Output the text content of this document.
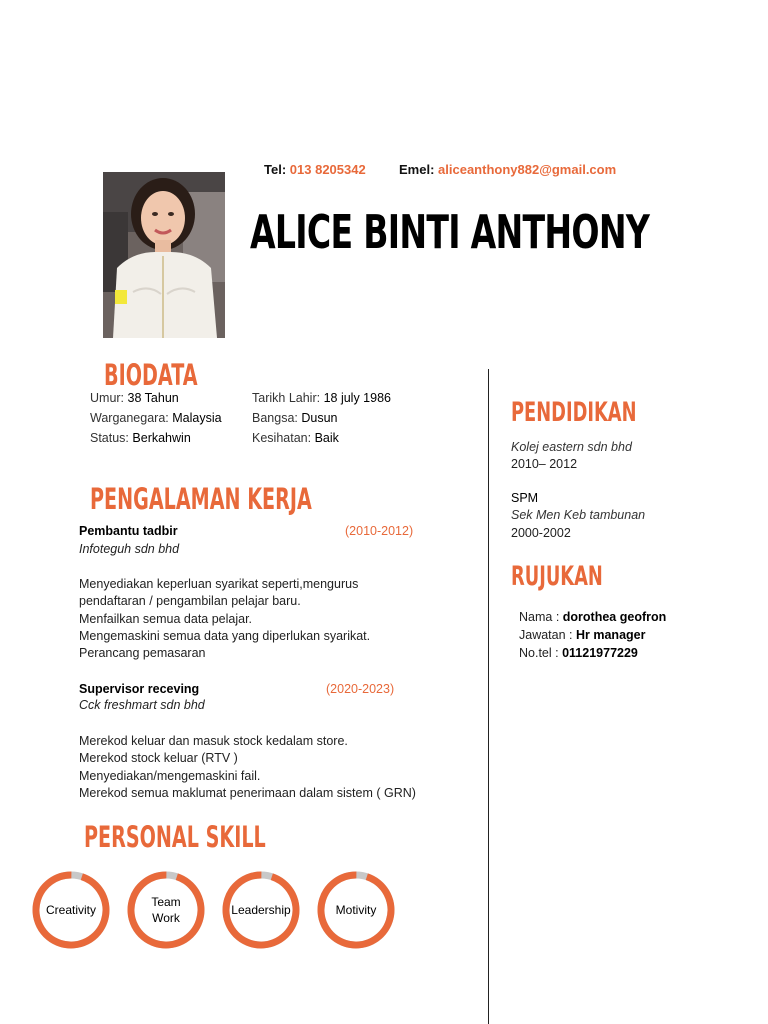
Tel: 013 8205342	Emel: aliceanthony882@gmail.com
ALICE BINTI ANTHONY
BIODATA
Umur: 38 Tahun
Warganegara: Malaysia
Status: Berkahwin
Tarikh Lahir: 18 july 1986
Bangsa: Dusun
Kesihatan: Baik
PENGALAMAN KERJA
Pembantu tadbir	(2010-2012)
Infoteguh sdn bhd
Menyediakan keperluan syarikat seperti,mengurus
pendaftaran / pengambilan pelajar baru.
Menfailkan semua data pelajar.
Mengemaskini semua data yang diperlukan syarikat.
Perancang pemasaran
Supervisor receving	(2020-2023)
Cck freshmart sdn bhd
Merekod keluar dan masuk stock kedalam store.
Merekod stock keluar (RTV )
Menyediakan/mengemaskini fail.
Merekod semua maklumat penerimaan dalam sistem ( GRN)
PERSONAL SKILL
Creativity
Team
Work
Leadership	Motivity
PENDIDIKAN
Kolej eastern sdn bhd
2010– 2012
SPM
Sek Men Keb tambunan
2000-2002
RUJUKAN
Nama : dorothea geofron
Jawatan : Hr manager
No.tel : 01121977229
